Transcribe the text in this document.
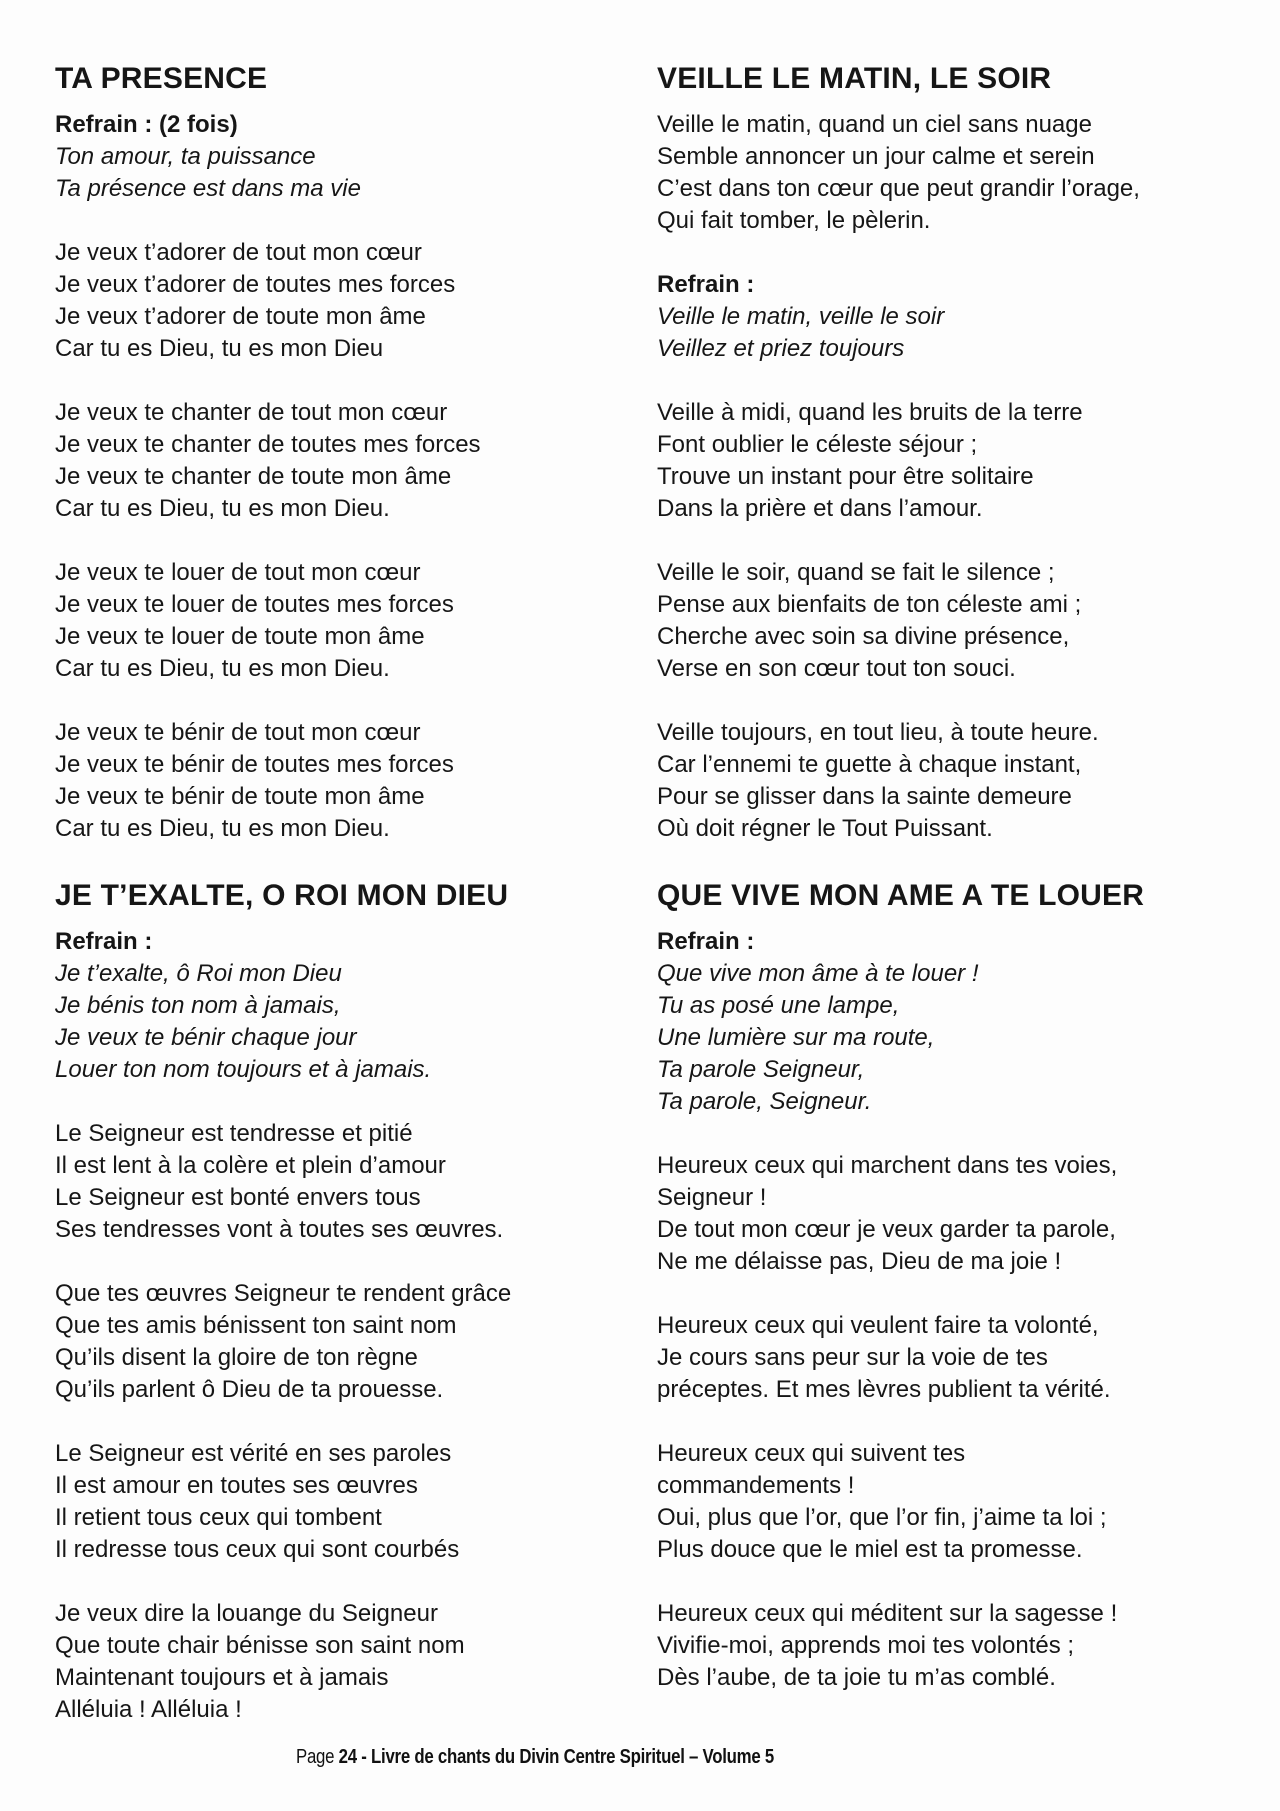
TA PRESENCE
Refrain : (2 fois)
Ton amour, ta puissance
Ta présence est dans ma vie
Je veux t’adorer de tout mon cœur
Je veux t’adorer de toutes mes forces
Je veux t’adorer de toute mon âme
Car tu es Dieu, tu es mon Dieu
Je veux te chanter de tout mon cœur
Je veux te chanter de toutes mes forces
Je veux te chanter de toute mon âme
Car tu es Dieu, tu es mon Dieu.
Je veux te louer de tout mon cœur
Je veux te louer de toutes mes forces
Je veux te louer de toute mon âme
Car tu es Dieu, tu es mon Dieu.
Je veux te bénir de tout mon cœur
Je veux te bénir de toutes mes forces
Je veux te bénir de toute mon âme
Car tu es Dieu, tu es mon Dieu.
JE T’EXALTE, O ROI MON DIEU
Refrain :
Je t’exalte, ô Roi mon Dieu
Je bénis ton nom à jamais,
Je veux te bénir chaque jour
Louer ton nom toujours et à jamais.
Le Seigneur est tendresse et pitié
Il est lent à la colère et plein d’amour
Le Seigneur est bonté envers tous
Ses tendresses vont à toutes ses œuvres.
Que tes œuvres Seigneur te rendent grâce
Que tes amis bénissent ton saint nom
Qu’ils disent la gloire de ton règne
Qu’ils parlent ô Dieu de ta prouesse.
Le Seigneur est vérité en ses paroles
Il est amour en toutes ses œuvres
Il retient tous ceux qui tombent
Il redresse tous ceux qui sont courbés
Je veux dire la louange du Seigneur
Que toute chair bénisse son saint nom
Maintenant toujours et à jamais
Alléluia ! Alléluia !
VEILLE LE MATIN, LE SOIR
Veille le matin, quand un ciel sans nuage
Semble annoncer un jour calme et serein
C’est dans ton cœur que peut grandir l’orage,
Qui fait tomber, le pèlerin.
Refrain :
Veille le matin, veille le soir
Veillez et priez toujours
Veille à midi, quand les bruits de la terre
Font oublier le céleste séjour ;
Trouve un instant pour être solitaire
Dans la prière et dans l’amour.
Veille le soir, quand se fait le silence ;
Pense aux bienfaits de ton céleste ami ;
Cherche avec soin sa divine présence,
Verse en son cœur tout ton souci.
Veille toujours, en tout lieu, à toute heure.
Car l’ennemi te guette à chaque instant,
Pour se glisser dans la sainte demeure
Où doit régner le Tout Puissant.
QUE VIVE MON AME A TE LOUER
Refrain :
Que vive mon âme à te louer !
Tu as posé une lampe,
Une lumière sur ma route,
Ta parole Seigneur,
Ta parole, Seigneur.
Heureux ceux qui marchent dans tes voies,
Seigneur !
De tout mon cœur je veux garder ta parole,
Ne me délaisse pas, Dieu de ma joie !
Heureux ceux qui veulent faire ta volonté,
Je cours sans peur sur la voie de tes
préceptes. Et mes lèvres publient ta vérité.
Heureux ceux qui suivent tes
commandements !
Oui, plus que l’or, que l’or fin, j’aime ta loi ;
Plus douce que le miel est ta promesse.
Heureux ceux qui méditent sur la sagesse !
Vivifie-moi, apprends moi tes volontés ;
Dès l’aube, de ta joie tu m’as comblé.
Page 24 - Livre de chants du Divin Centre Spirituel – Volume 5
